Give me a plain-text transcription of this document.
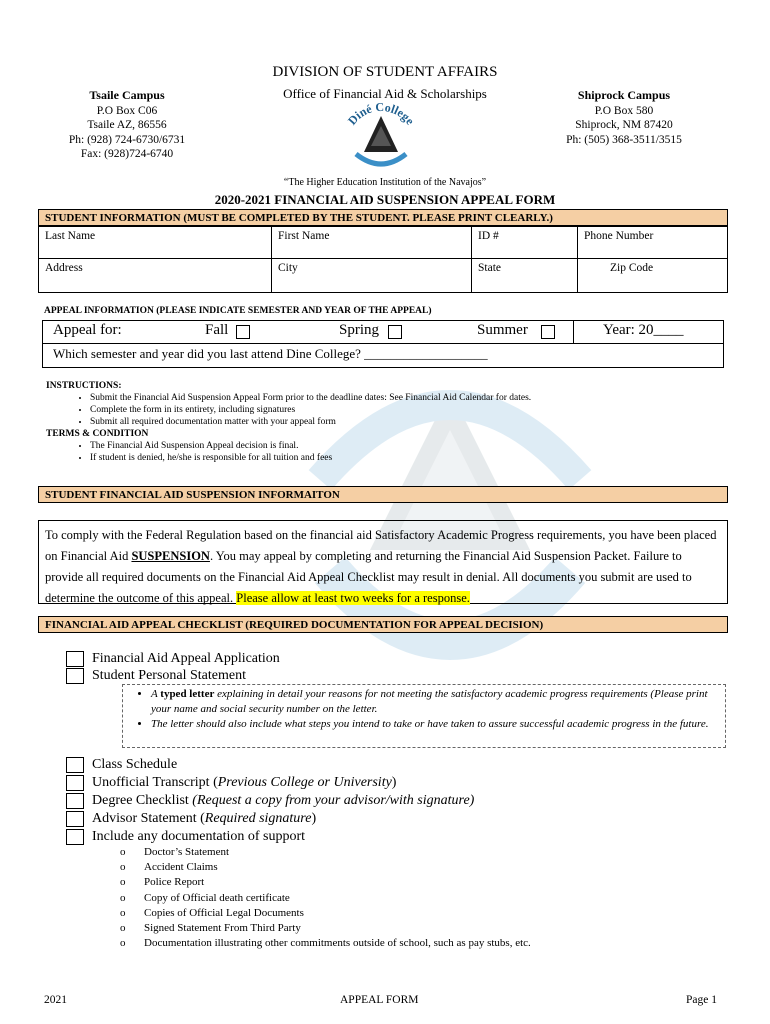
DIVISION OF STUDENT AFFAIRS
Office of Financial Aid & Scholarships
Tsaile Campus
P.O Box C06
Tsaile AZ, 86556
Ph: (928) 724-6730/6731
Fax: (928)724-6740
Shiprock Campus
P.O Box 580
Shiprock, NM 87420
Ph: (505) 368-3511/3515
Diné College
“The Higher Education Institution of the Navajos”
2020-2021 FINANCIAL AID SUSPENSION APPEAL FORM
STUDENT INFORMATION (MUST BE COMPLETED BY THE STUDENT. PLEASE PRINT CLEARLY.)
Last Name	First Name	ID #	Phone Number
Address	City	State	Zip Code
APPEAL INFORMATION (PLEASE INDICATE SEMESTER AND YEAR OF THE APPEAL)
Appeal for:	Fall	Spring	Summer	Year: 20____
Which semester and year did you last attend Dine College? ___________________
INSTRUCTIONS:
• Submit the Financial Aid Suspension Appeal Form prior to the deadline dates: See Financial Aid Calendar for dates.
• Complete the form in its entirety, including signatures
• Submit all required documentation matter with your appeal form
TERMS & CONDITION
• The Financial Aid Suspension Appeal decision is final.
• If student is denied, he/she is responsible for all tuition and fees
STUDENT FINANCIAL AID SUSPENSION INFORMAITON
To comply with the Federal Regulation based on the financial aid Satisfactory Academic Progress requirements, you have been placed on Financial Aid SUSPENSION. You may appeal by completing and returning the Financial Aid Suspension Packet. Failure to provide all required documents on the Financial Aid Appeal Checklist may result in denial. All documents you submit are used to determine the outcome of this appeal. Please allow at least two weeks for a response.
FINANCIAL AID APPEAL CHECKLIST (REQUIRED DOCUMENTATION FOR APPEAL DECISION)
Financial Aid Appeal Application
Student Personal Statement
• A typed letter explaining in detail your reasons for not meeting the satisfactory academic progress requirements (Please print your name and social security number on the letter.
• The letter should also include what steps you intend to take or have taken to assure successful academic progress in the future.
Class Schedule
Unofficial Transcript (Previous College or University)
Degree Checklist (Request a copy from your advisor/with signature)
Advisor Statement (Required signature)
Include any documentation of support
o Doctor’s Statement
o Accident Claims
o Police Report
o Copy of Official death certificate
o Copies of Official Legal Documents
o Signed Statement From Third Party
o Documentation illustrating other commitments outside of school, such as pay stubs, etc.
2021	APPEAL FORM	Page 1
